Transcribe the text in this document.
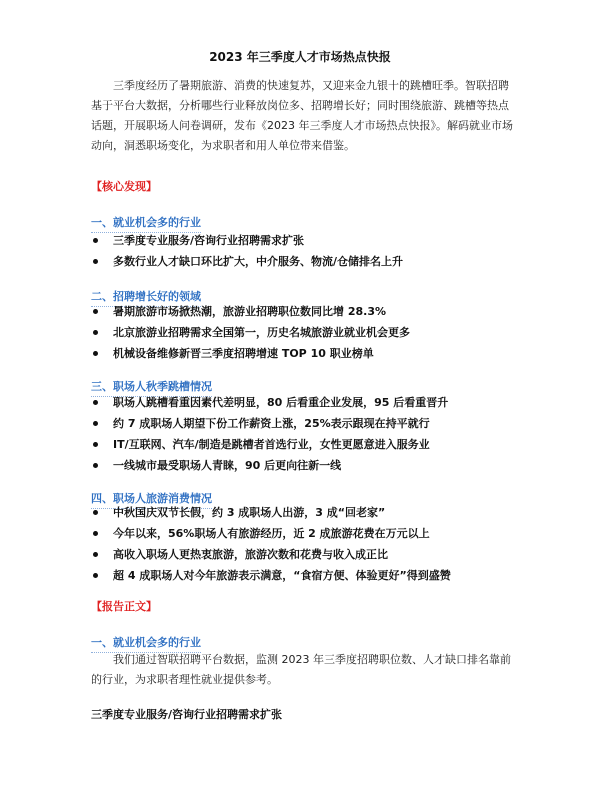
2023 年三季度人才市场热点快报
三季度经历了暑期旅游、消费的快速复苏，又迎来金九银十的跳槽旺季。智联招聘基于平台大数据，分析哪些行业释放岗位多、招聘增长好；同时围绕旅游、跳槽等热点话题，开展职场人问卷调研，发布《2023 年三季度人才市场热点快报》。解码就业市场动向，洞悉职场变化，为求职者和用人单位带来借鉴。
【核心发现】
一、就业机会多的行业
三季度专业服务/咨询行业招聘需求扩张
多数行业人才缺口环比扩大，中介服务、物流/仓储排名上升
二、招聘增长好的领域
暑期旅游市场掀热潮，旅游业招聘职位数同比增 28.3%
北京旅游业招聘需求全国第一，历史名城旅游业就业机会更多
机械设备维修新晋三季度招聘增速 TOP 10 职业榜单
三、职场人秋季跳槽情况
职场人跳槽看重因素代差明显，80 后看重企业发展，95 后看重晋升
约 7 成职场人期望下份工作薪资上涨，25%表示跟现在持平就行
IT/互联网、汽车/制造是跳槽者首选行业，女性更愿意进入服务业
一线城市最受职场人青睐，90 后更向往新一线
四、职场人旅游消费情况
中秋国庆双节长假，约 3 成职场人出游，3 成“回老家”
今年以来，56%职场人有旅游经历，近 2 成旅游花费在万元以上
高收入职场人更热衷旅游，旅游次数和花费与收入成正比
超 4 成职场人对今年旅游表示满意，“食宿方便、体验更好”得到盛赞
【报告正文】
一、就业机会多的行业
我们通过智联招聘平台数据，监测 2023 年三季度招聘职位数、人才缺口排名靠前的行业，为求职者理性就业提供参考。
三季度专业服务/咨询行业招聘需求扩张
